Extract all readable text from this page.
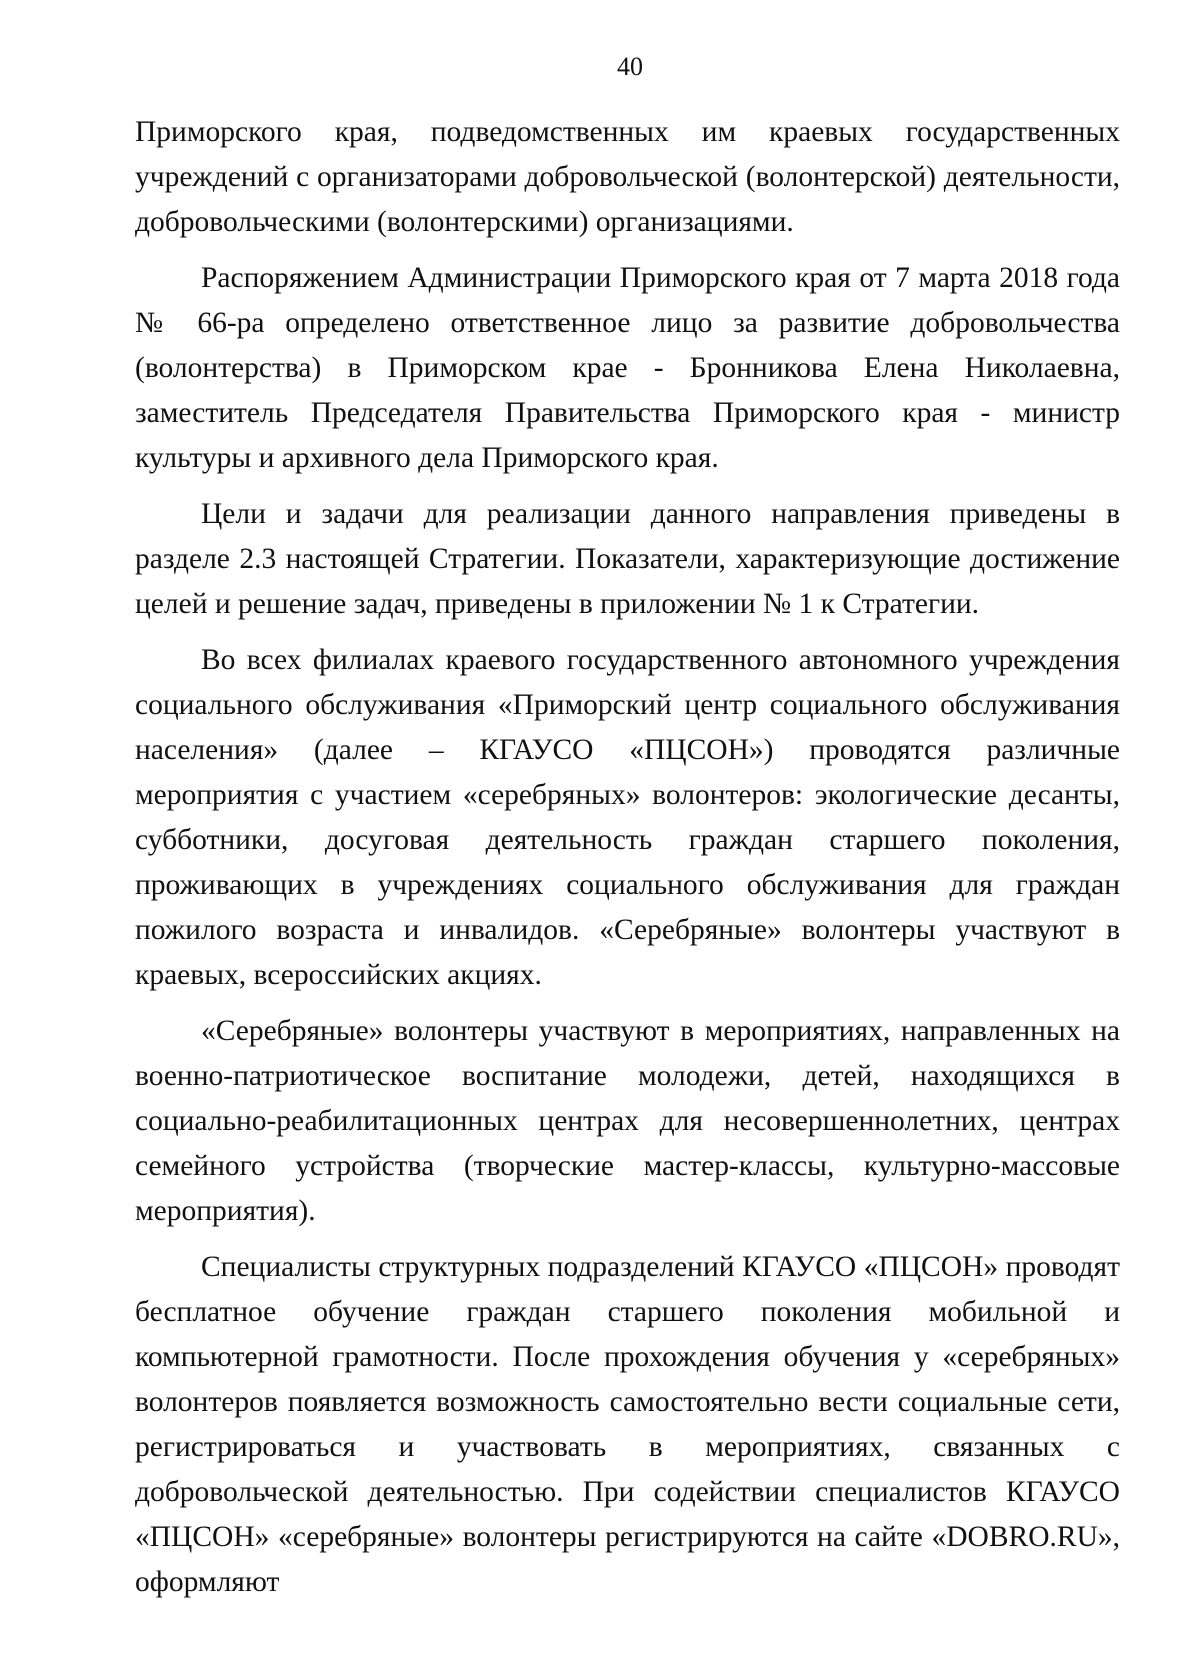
40

Приморского края, подведомственных им краевых государственных учреждений с организаторами добровольческой (волонтерской) деятельности, добровольческими (волонтерскими) организациями.

Распоряжением Администрации Приморского края от 7 марта 2018 года № 66-ра определено ответственное лицо за развитие добровольчества (волонтерства) в Приморском крае - Бронникова Елена Николаевна, заместитель Председателя Правительства Приморского края - министр культуры и архивного дела Приморского края.

Цели и задачи для реализации данного направления приведены в разделе 2.3 настоящей Стратегии. Показатели, характеризующие достижение целей и решение задач, приведены в приложении № 1 к Стратегии.

Во всех филиалах краевого государственного автономного учреждения социального обслуживания «Приморский центр социального обслуживания населения» (далее – КГАУСО «ПЦСОН») проводятся различные мероприятия с участием «серебряных» волонтеров: экологические десанты, субботники, досуговая деятельность граждан старшего поколения, проживающих в учреждениях социального обслуживания для граждан пожилого возраста и инвалидов. «Серебряные» волонтеры участвуют в краевых, всероссийских акциях.

«Серебряные» волонтеры участвуют в мероприятиях, направленных на военно-патриотическое воспитание молодежи, детей, находящихся в социально-реабилитационных центрах для несовершеннолетних, центрах семейного устройства (творческие мастер-классы, культурно-массовые мероприятия).

Специалисты структурных подразделений КГАУСО «ПЦСОН» проводят бесплатное обучение граждан старшего поколения мобильной и компьютерной грамотности. После прохождения обучения у «серебряных» волонтеров появляется возможность самостоятельно вести социальные сети, регистрироваться и участвовать в мероприятиях, связанных с добровольческой деятельностью. При содействии специалистов КГАУСО «ПЦСОН» «серебряные» волонтеры регистрируются на сайте «DOBRO.RU», оформляют
